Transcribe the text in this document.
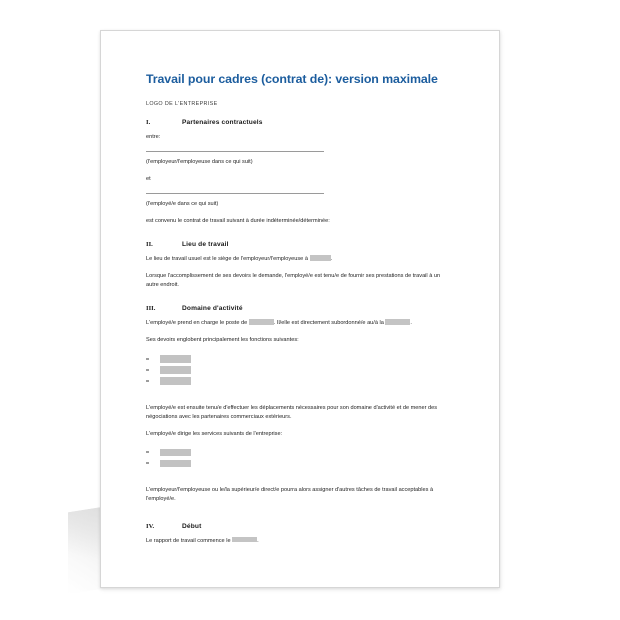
Travail pour cadres (contrat de): version maximale

LOGO DE L'ENTREPRISE

I.	Partenaires contractuels

entre:

(l'employeur/l'employeuse dans ce qui suit)

et

(l'employé/e dans ce qui suit)

est convenu le contrat de travail suivant à durée indéterminée/déterminée:

II.	Lieu de travail

Le lieu de travail usuel est le siège de l'employeur/l'employeuse à	.

Lorsque l'accomplissement de ses devoirs le demande, l'employé/e est tenu/e de fournir ses prestations de travail à un autre endroit.

III.	Domaine d'activité

L'employé/e prend en charge le poste de	. Il/elle est directement subordonné/e au/à la	.

Ses devoirs englobent principalement les fonctions suivantes:

L'employé/e est ensuite tenu/e d'effectuer les déplacements nécessaires pour son domaine d'activité et de mener des négociations avec les partenaires commerciaux extérieurs.

L'employé/e dirige les services suivants de l'entreprise:

L'employeur/l'employeuse ou le/la supérieur/e direct/e pourra alors assigner d'autres tâches de travail acceptables à l'employé/e.

IV.	Début

Le rapport de travail commence le	.
